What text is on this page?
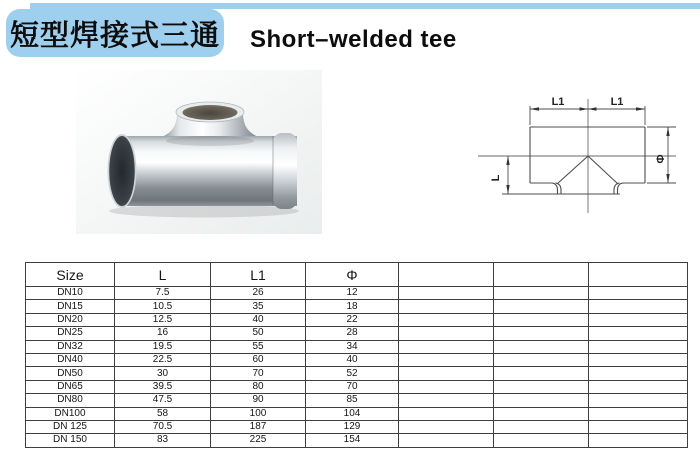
短型焊接式三通 Short–welded tee
L1	L1
L
Φ
Size	L	L1	Φ			
DN10	7.5	26	12			
DN15	10.5	35	18			
DN20	12.5	40	22			
DN25	16	50	28			
DN32	19.5	55	34			
DN40	22.5	60	40			
DN50	30	70	52			
DN65	39.5	80	70			
DN80	47.5	90	85			
DN100	58	100	104			
DN 125	70.5	187	129			
DN 150	83	225	154			
